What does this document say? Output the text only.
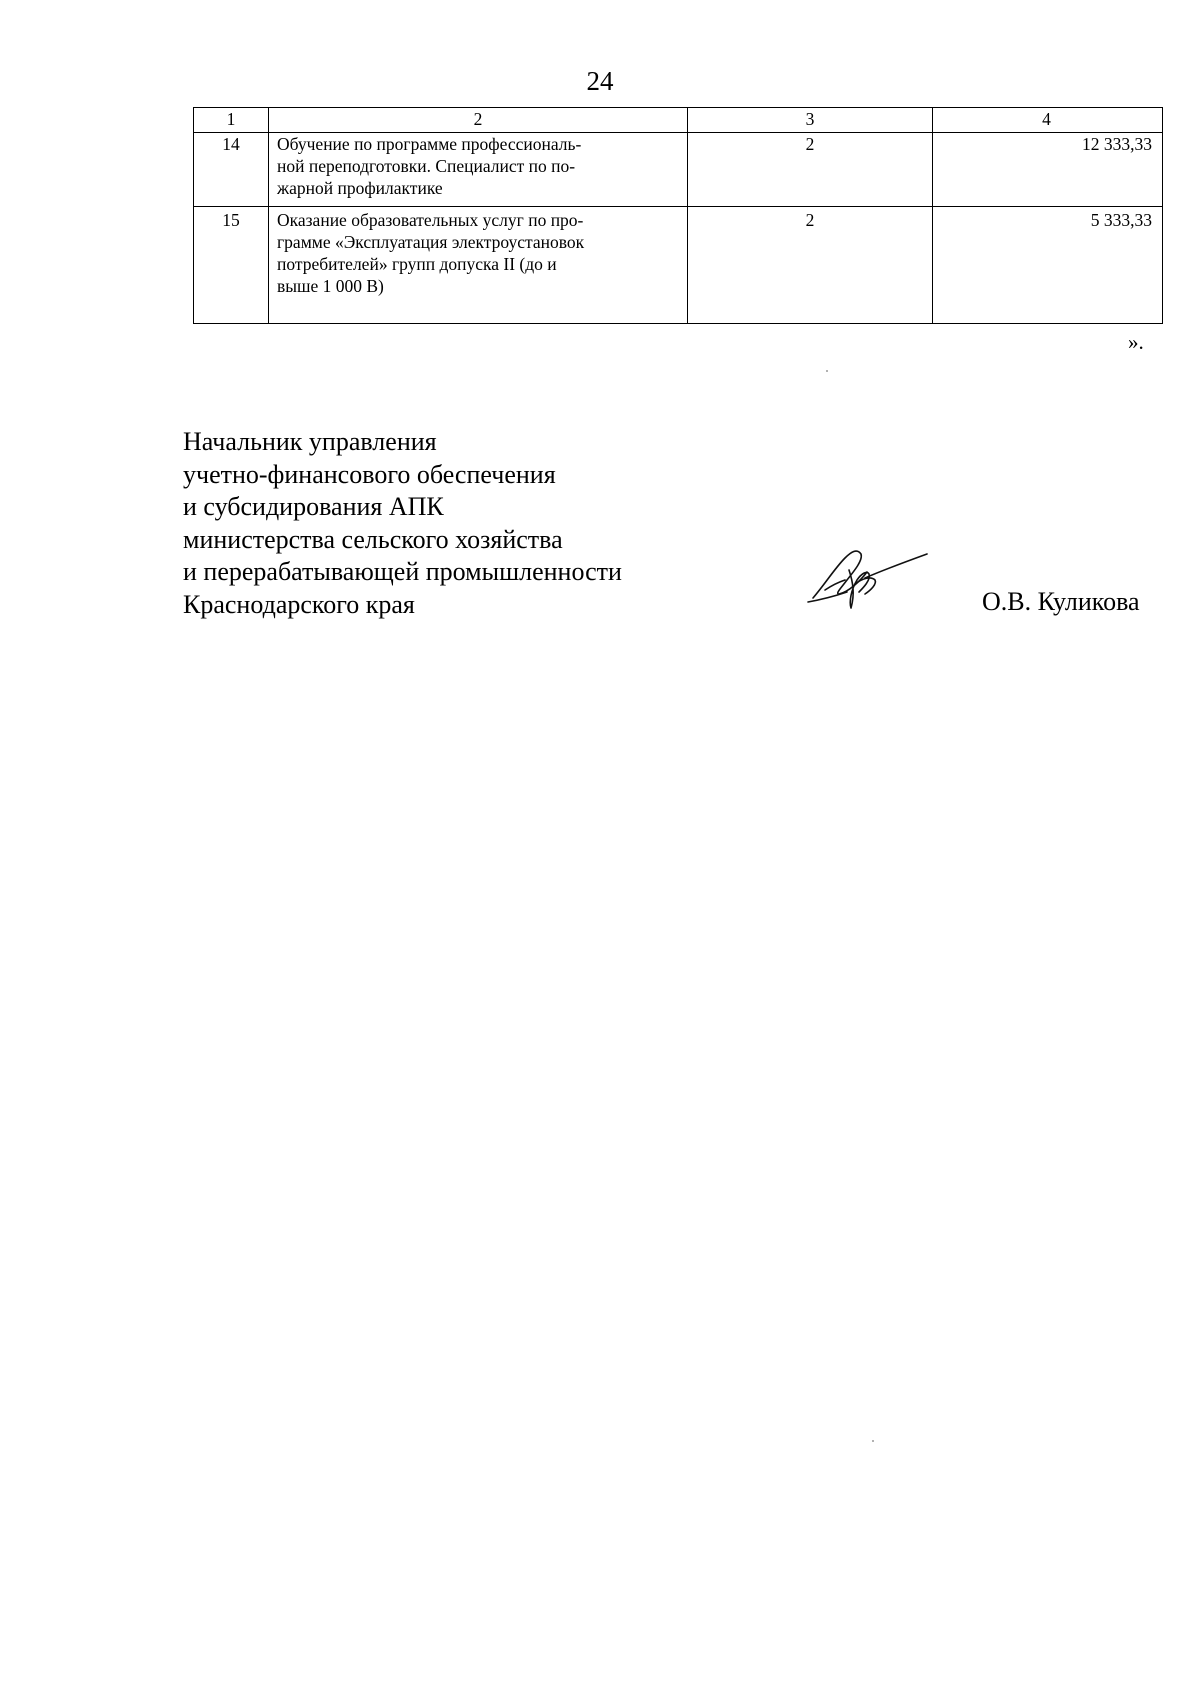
24
1	2	3	4
14	Обучение по программе профессиональ-
ной переподготовки. Специалист по по-
жарной профилактике	2	12 333,33
15	Оказание образовательных услуг по про-
грамме «Эксплуатация электроустановок
потребителей» групп допуска II (до и
выше 1 000 В)	2	5 333,33
».
Начальник управления
учетно-финансового обеспечения
и субсидирования АПК
министерства сельского хозяйства
и перерабатывающей промышленности
Краснодарского края	О.В. Куликова
